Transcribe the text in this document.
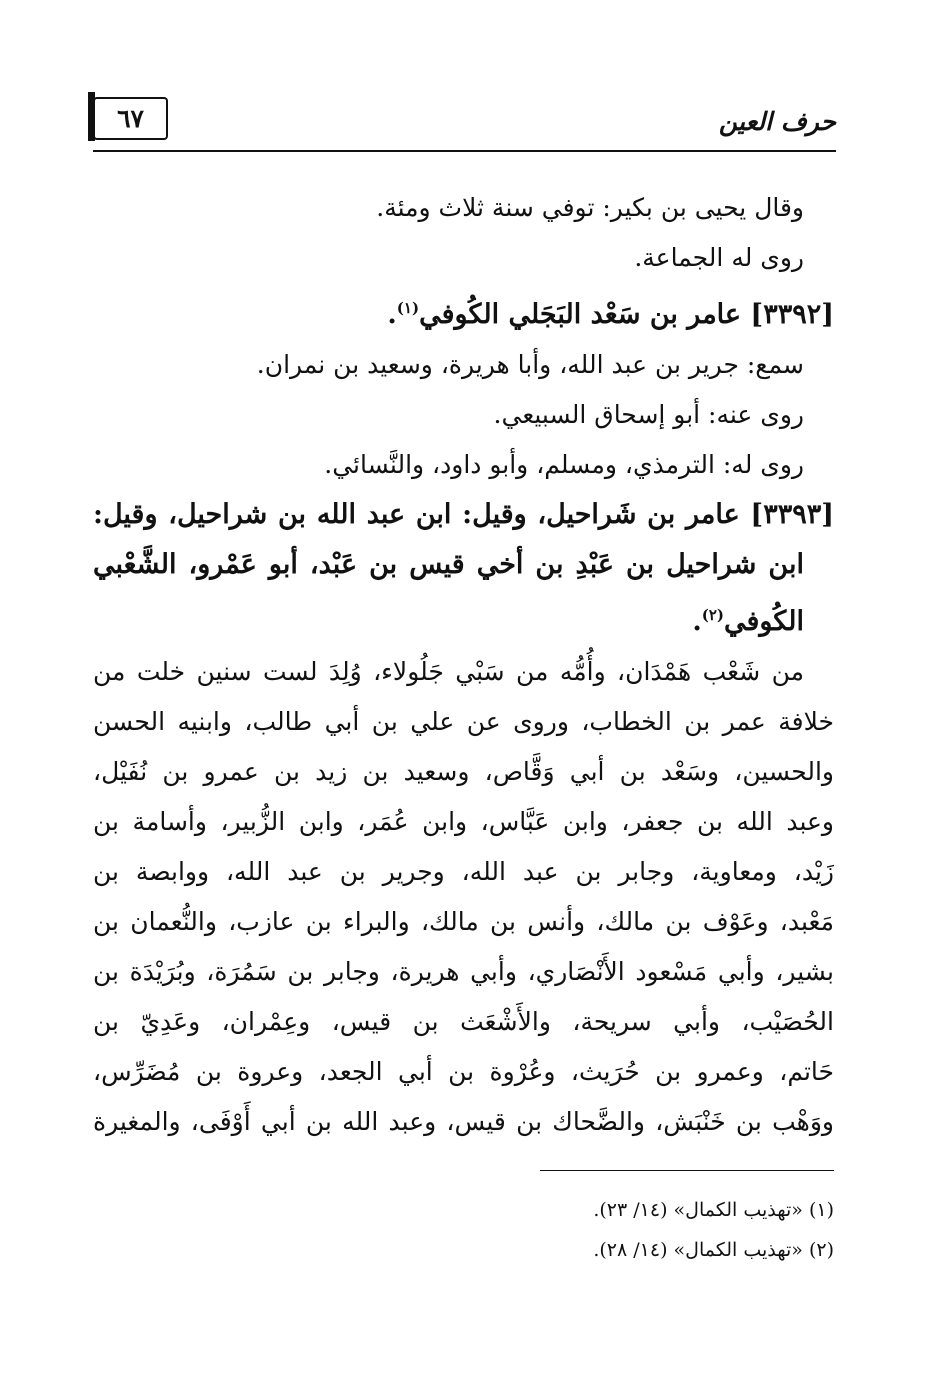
٦٧	حرف العين
وقال يحيى بن بكير: توفي سنة ثلاث ومئة.
روى له الجماعة.
[٣٣٩٢] عامر بن سَعْد البَجَلي الكُوفي$^{(١)}$.
سمع: جرير بن عبد الله، وأبا هريرة، وسعيد بن نمران.
روى عنه: أبو إسحاق السبيعي.
روى له: الترمذي، ومسلم، وأبو داود، والنَّسائي.
[٣٣٩٣] عامر بن شَراحيل، وقيل: ابن عبد الله بن شراحيل، وقيل:
ابن شراحيل بن عَبْدِ بن أخي قيس بن عَبْد، أبو عَمْرو، الشَّعْبي
الكُوفي$^{(٢)}$.
من شَعْب هَمْدَان، وأُمُّه من سَبْي جَلُولاء، وُلِدَ لست سنين خلت من
خلافة عمر بن الخطاب، وروى عن علي بن أبي طالب، وابنيه الحسن
والحسين، وسَعْد بن أبي وَقَّاص، وسعيد بن زيد بن عمرو بن نُفَيْل،
وعبد الله بن جعفر، وابن عَبَّاس، وابن عُمَر، وابن الزُّبير، وأسامة بن
زَيْد، ومعاوية، وجابر بن عبد الله، وجرير بن عبد الله، ووابصة بن
مَعْبد، وعَوْف بن مالك، وأنس بن مالك، والبراء بن عازب، والنُّعمان بن
بشير، وأبي مَسْعود الأَنْصَاري، وأبي هريرة، وجابر بن سَمُرَة، وبُرَيْدَة بن
الحُصَيْب، وأبي سريحة، والأَشْعَث بن قيس، وعِمْران، وعَدِيّ بن
حَاتم، وعمرو بن حُرَيث، وعُرْوة بن أبي الجعد، وعروة بن مُضَرِّس،
ووَهْب بن خَنْبَش، والضَّحاك بن قيس، وعبد الله بن أبي أَوْفَى، والمغيرة
(١) «تهذيب الكمال» (١٤/ ٢٣).
(٢) «تهذيب الكمال» (١٤/ ٢٨).
